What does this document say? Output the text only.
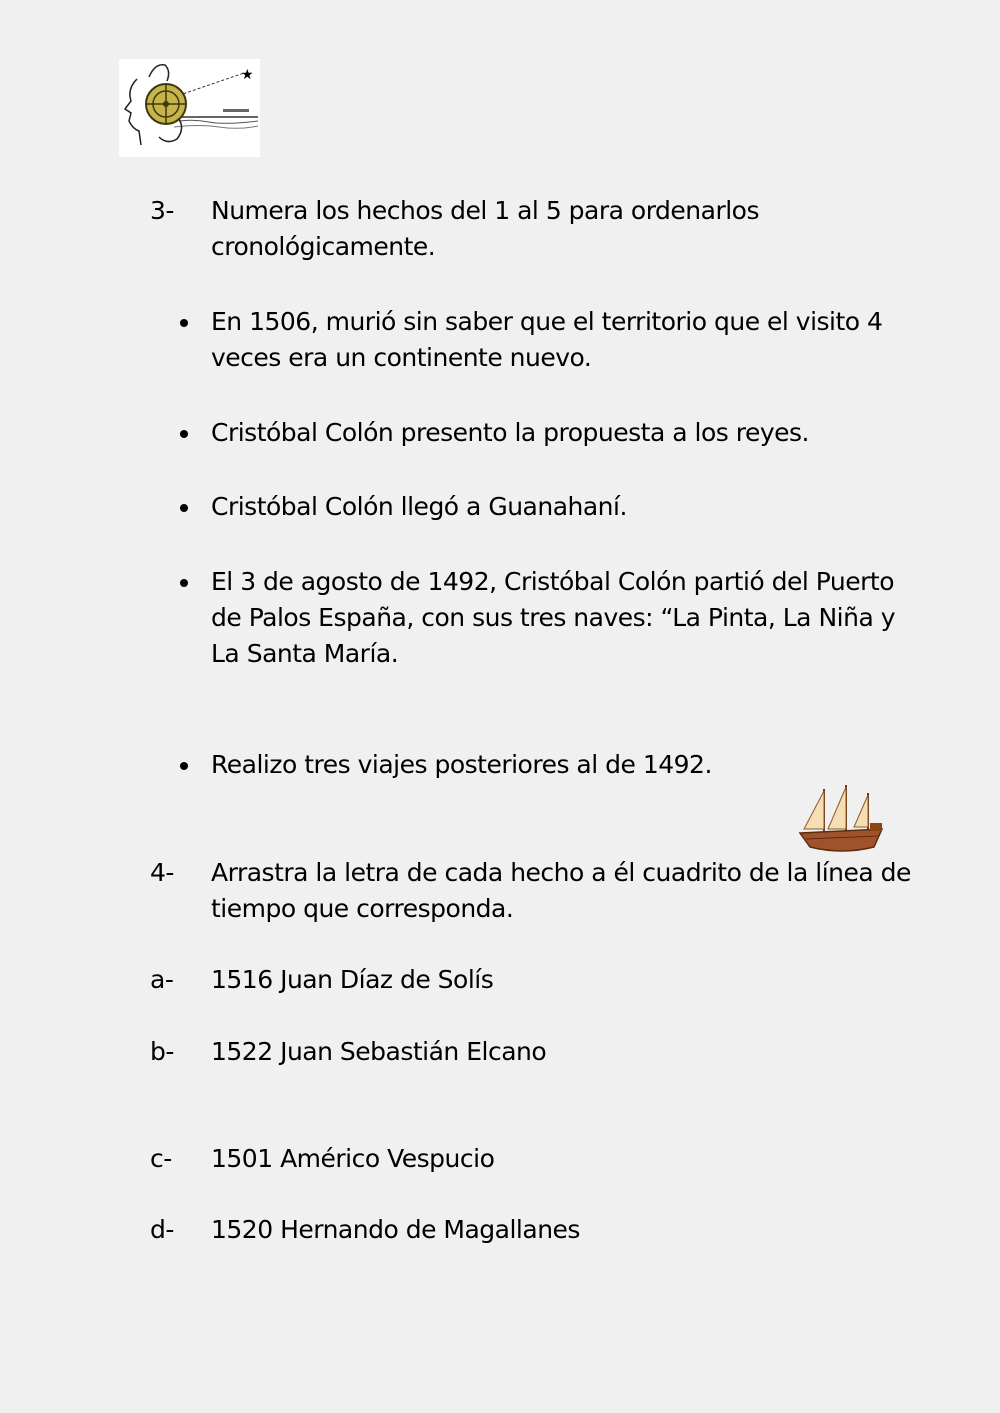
★
3- Numera los hechos del 1 al 5 para ordenarlos cronológicamente.
En 1506, murió sin saber que el territorio que el visito 4 veces era un continente nuevo.
Cristóbal Colón presento la propuesta a los reyes.
Cristóbal Colón llegó a Guanahaní.
El 3 de agosto de 1492, Cristóbal Colón partió del Puerto de Palos España, con sus tres naves: “La Pinta, La Niña y La Santa María.
Realizo tres viajes posteriores al de 1492.
4- Arrastra la letra de cada hecho a él cuadrito de la línea de tiempo que corresponda.
a- 1516 Juan Díaz de Solís
b- 1522 Juan Sebastián Elcano
c- 1501 Américo Vespucio
d- 1520 Hernando de Magallanes
